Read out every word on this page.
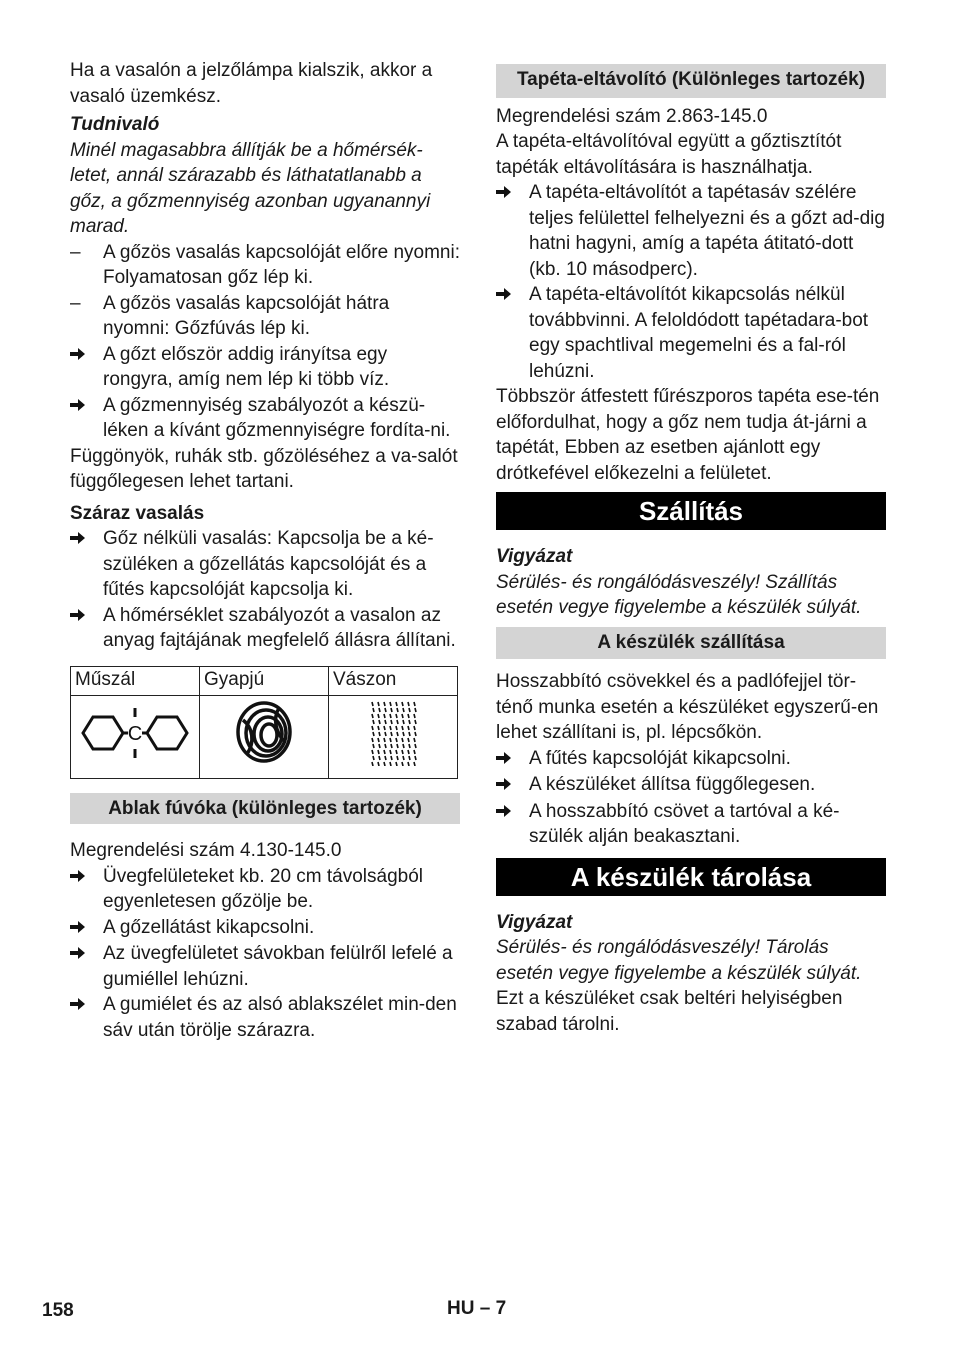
Ha a vasalón a jelzőlámpa kialszik, akkor a vasaló üzemkész.

Tudnivaló

Minél magasabbra állítják be a hőmérsék-letet, annál szárazabb és láthatatlanabb a gőz, a gőzmennyiség azonban ugyanannyi marad.

–	A gőzös vasalás kapcsolóját előre nyomni: Folyamatosan gőz lép ki.
–	A gőzös vasalás kapcsolóját hátra nyomni: Gőzfúvás lép ki.
A gőzt először addig irányítsa egy rongyra, amíg nem lép ki több víz.
A gőzmennyiség szabályozót a készü-léken a kívánt gőzmennyiségre fordíta-ni.

Függönyök, ruhák stb. gőzöléséhez a va-salót függőlegesen lehet tartani.

Száraz vasalás

Gőz nélküli vasalás: Kapcsolja be a ké-szüléken a gőzellátás kapcsolóját és a fűtés kapcsolóját kapcsolja ki.
A hőmérséklet szabályozót a vasalon az anyag fajtájának megfelelő állásra állítani.
Műszál	Gyapjú	Vászon

C

Ablak fúvóka (különleges tartozék)

Megrendelési szám 4.130-145.0

Üvegfelületeket kb. 20 cm távolságból egyenletesen gőzölje be.
A gőzellátást kikapcsolni.
Az üvegfelületet sávokban felülről lefelé a gumiéllel lehúzni.
A gumiélet és az alsó ablakszélet min-den sáv után törölje szárazra.
Tapéta-eltávolító (Különleges tartozék)

Megrendelési szám 2.863-145.0

A tapéta-eltávolítóval együtt a gőztisztítót tapéták eltávolítására is használhatja.

A tapéta-eltávolítót a tapétasáv szélére teljes felülettel felhelyezni és a gőzt ad-dig hatni hagyni, amíg a tapéta átitató-dott (kb. 10 másodperc).
A tapéta-eltávolítót kikapcsolás nélkül továbbvinni. A feloldódott tapétadara-bot egy spachtlival megemelni és a fal-ról lehúzni.

Többször átfestett fűrészporos tapéta ese-tén előfordulhat, hogy a gőz nem tudja át-járni a tapétát, Ebben az esetben ajánlott egy drótkefével előkezelni a felületet.

Szállítás

Vigyázat

Sérülés- és rongálódásveszély! Szállítás esetén vegye figyelembe a készülék súlyát.

A készülék szállítása

Hosszabbító csövekkel és a padlófejjel tör-ténő munka esetén a készüléket egyszerű-en lehet szállítani is, pl. lépcsőkön.

A fűtés kapcsolóját kikapcsolni.
A készüléket állítsa függőlegesen.
A hosszabbító csövet a tartóval a ké-szülék alján beakasztani.
A készülék tárolása

Vigyázat

Sérülés- és rongálódásveszély! Tárolás esetén vegye figyelembe a készülék súlyát.

Ezt a készüléket csak beltéri helyiségben szabad tárolni.

158	HU – 7
